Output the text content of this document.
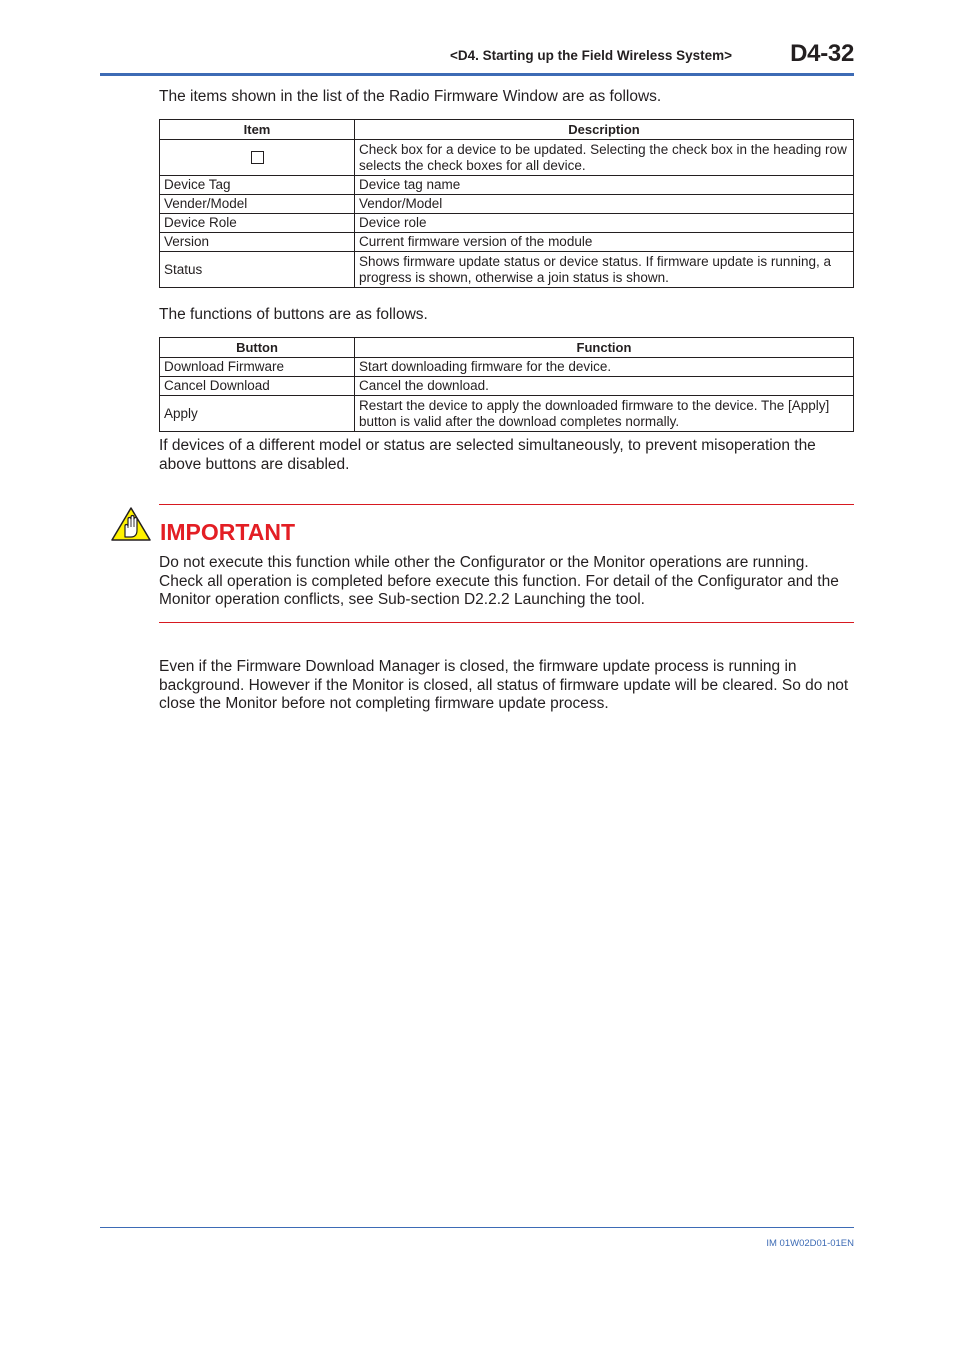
<D4. Starting up the Field Wireless System>	D4-32
The items shown in the list of the Radio Firmware Window are as follows.
Item	Description

	Check box for a device to be updated. Selecting the check box in the heading row selects the check boxes for all device.
Device Tag	Device tag name
Vender/Model	Vendor/Model
Device Role	Device role
Version	Current firmware version of the module
Status	Shows firmware update status or device status. If firmware update is running, a progress is shown, otherwise a join status is shown.
The functions of buttons are as follows.
Button	Function
Download Firmware	Start downloading firmware for the device.
Cancel Download	Cancel the download.
Apply	Restart the device to apply the downloaded firmware to the device. The [Apply] button is valid after the download completes normally.
If devices of a different model or status are selected simultaneously, to prevent misoperation the above buttons are disabled.
IMPORTANT
Do not execute this function while other the Configurator or the Monitor operations are running. Check all operation is completed before execute this function. For detail of the Configurator and the Monitor operation conflicts, see Sub-section D2.2.2 Launching the tool.
Even if the Firmware Download Manager is closed, the firmware update process is running in background. However if the Monitor is closed, all status of firmware update will be cleared. So do not close the Monitor before not completing firmware update process.
IM 01W02D01-01EN
